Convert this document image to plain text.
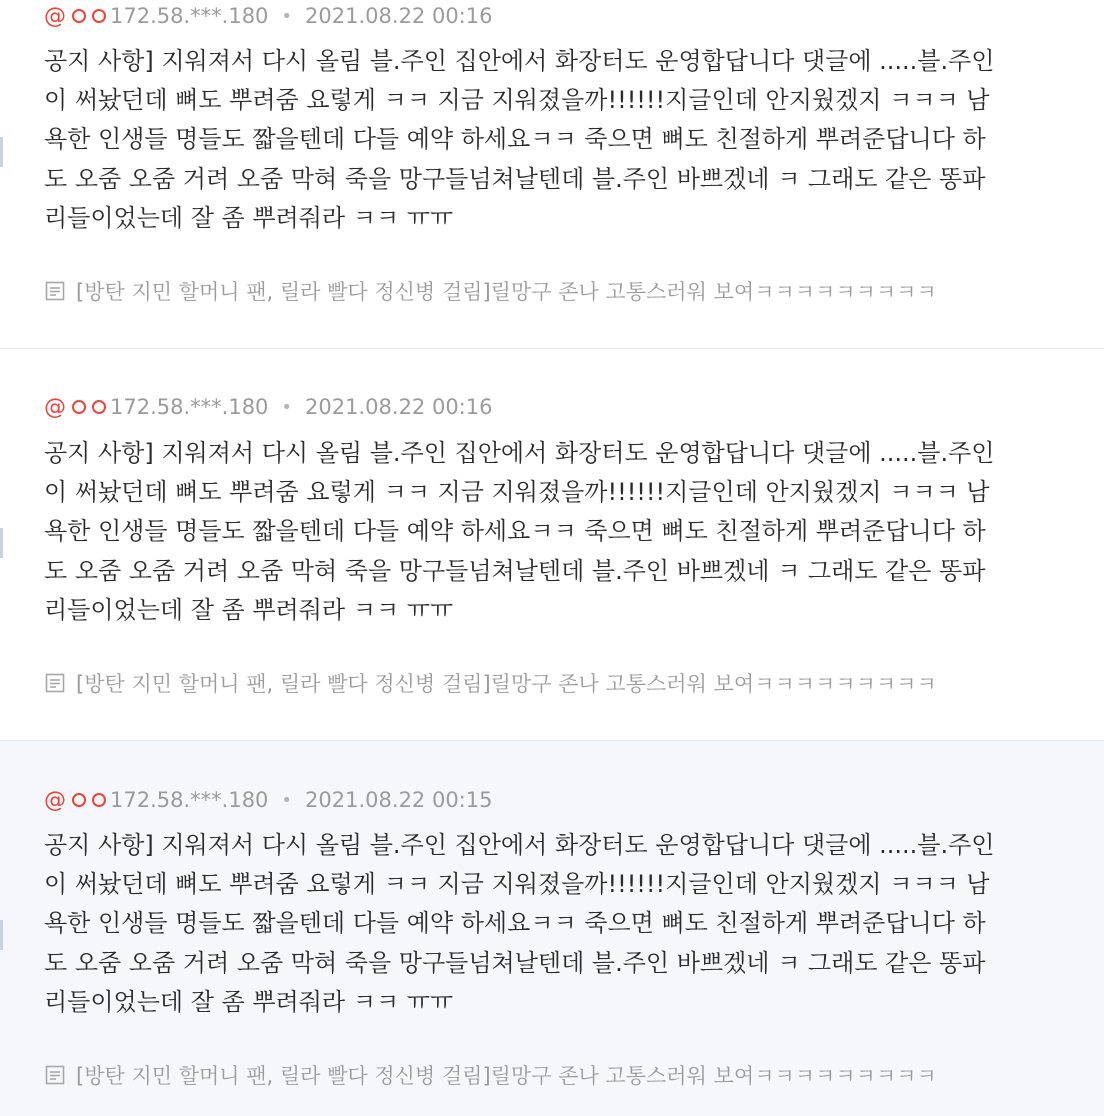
@ 172.58.***.180 • 2021.08.22 00:16
공지 사항] 지워져서 다시 올림 블.주인 집안에서 화장터도 운영합답니다 댓글에 .....블.주인
이 써놨던데 뼈도 뿌려줌 요렇게 ㅋㅋ 지금 지워졌을까!!!!!!지글인데 안지웠겠지 ㅋㅋㅋ 남
욕한 인생들 명들도 짧을텐데 다들 예약 하세요ㅋㅋ 죽으면 뼈도 친절하게 뿌려준답니다 하
도 오줌 오줌 거려 오줌 막혀 죽을 망구들넘쳐날텐데 블.주인 바쁘겠네 ㅋ 그래도 같은 똥파
리들이었는데 잘 좀 뿌려줘라 ㅋㅋ ㅠㅠ
[방탄 지민 할머니 팬, 릴라 빨다 정신병 걸림]릴망구 존나 고통스러워 보여ㅋㅋㅋㅋㅋㅋㅋㅋㅋ
@ 172.58.***.180 • 2021.08.22 00:16
공지 사항] 지워져서 다시 올림 블.주인 집안에서 화장터도 운영합답니다 댓글에 .....블.주인
이 써놨던데 뼈도 뿌려줌 요렇게 ㅋㅋ 지금 지워졌을까!!!!!!지글인데 안지웠겠지 ㅋㅋㅋ 남
욕한 인생들 명들도 짧을텐데 다들 예약 하세요ㅋㅋ 죽으면 뼈도 친절하게 뿌려준답니다 하
도 오줌 오줌 거려 오줌 막혀 죽을 망구들넘쳐날텐데 블.주인 바쁘겠네 ㅋ 그래도 같은 똥파
리들이었는데 잘 좀 뿌려줘라 ㅋㅋ ㅠㅠ
[방탄 지민 할머니 팬, 릴라 빨다 정신병 걸림]릴망구 존나 고통스러워 보여ㅋㅋㅋㅋㅋㅋㅋㅋㅋ
@ 172.58.***.180 • 2021.08.22 00:15
공지 사항] 지워져서 다시 올림 블.주인 집안에서 화장터도 운영합답니다 댓글에 .....블.주인
이 써놨던데 뼈도 뿌려줌 요렇게 ㅋㅋ 지금 지워졌을까!!!!!!지글인데 안지웠겠지 ㅋㅋㅋ 남
욕한 인생들 명들도 짧을텐데 다들 예약 하세요ㅋㅋ 죽으면 뼈도 친절하게 뿌려준답니다 하
도 오줌 오줌 거려 오줌 막혀 죽을 망구들넘쳐날텐데 블.주인 바쁘겠네 ㅋ 그래도 같은 똥파
리들이었는데 잘 좀 뿌려줘라 ㅋㅋ ㅠㅠ
[방탄 지민 할머니 팬, 릴라 빨다 정신병 걸림]릴망구 존나 고통스러워 보여ㅋㅋㅋㅋㅋㅋㅋㅋㅋ
